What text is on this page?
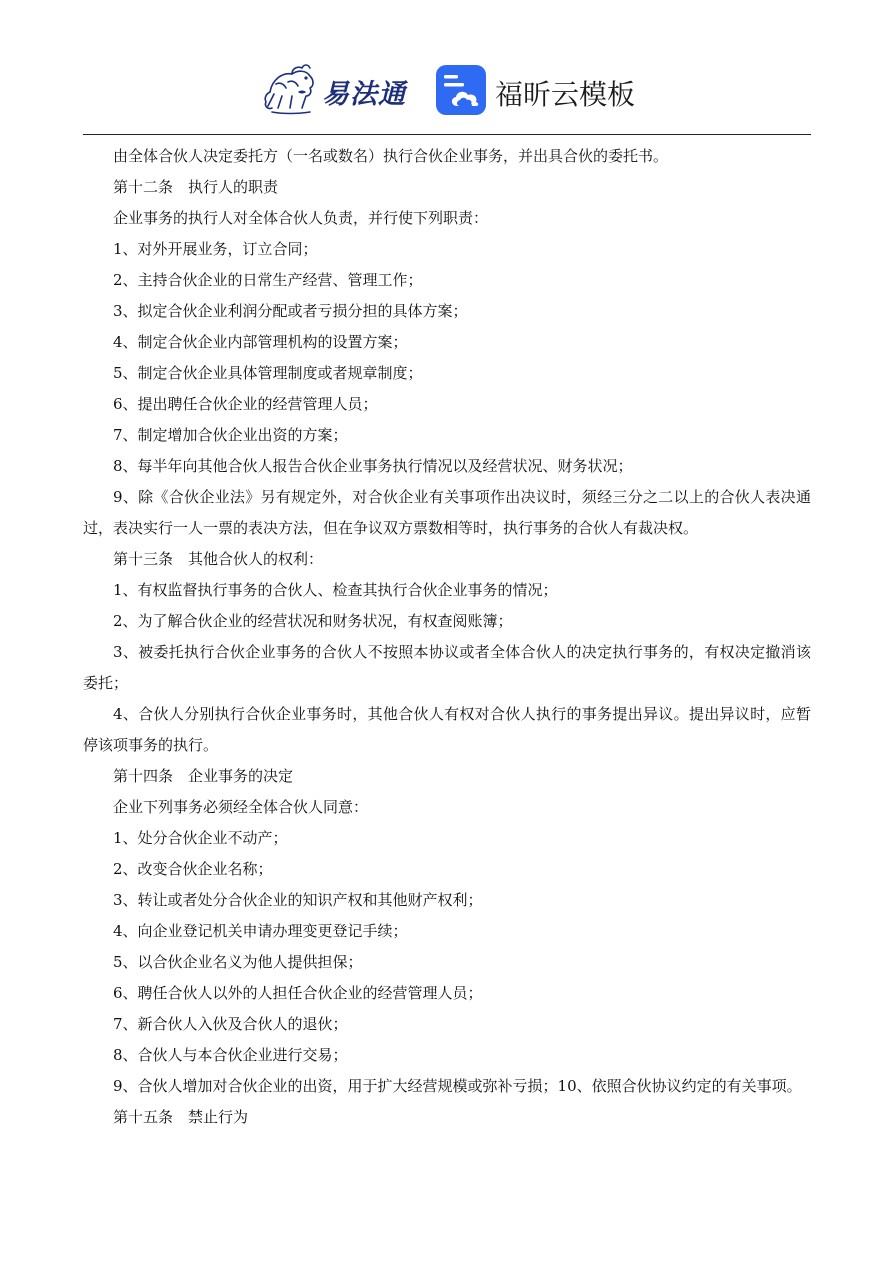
易法通	福昕云模板

由全体合伙人决定委托方（一名或数名）执行合伙企业事务，并出具合伙的委托书。

第十二条　执行人的职责

企业事务的执行人对全体合伙人负责，并行使下列职责：

1、对外开展业务，订立合同；

2、主持合伙企业的日常生产经营、管理工作；

3、拟定合伙企业利润分配或者亏损分担的具体方案；

4、制定合伙企业内部管理机构的设置方案；

5、制定合伙企业具体管理制度或者规章制度；

6、提出聘任合伙企业的经营管理人员；

7、制定增加合伙企业出资的方案；

8、每半年向其他合伙人报告合伙企业事务执行情况以及经营状况、财务状况；

9、除《合伙企业法》另有规定外，对合伙企业有关事项作出决议时，须经三分之二以上的合伙人表决通过，表决实行一人一票的表决方法，但在争议双方票数相等时，执行事务的合伙人有裁决权。

第十三条　其他合伙人的权利：

1、有权监督执行事务的合伙人、检查其执行合伙企业事务的情况；

2、为了解合伙企业的经营状况和财务状况，有权查阅账簿；

3、被委托执行合伙企业事务的合伙人不按照本协议或者全体合伙人的决定执行事务的，有权决定撤消该委托；

4、合伙人分别执行合伙企业事务时，其他合伙人有权对合伙人执行的事务提出异议。提出异议时，应暂停该项事务的执行。

第十四条　企业事务的决定

企业下列事务必须经全体合伙人同意：

1、处分合伙企业不动产；

2、改变合伙企业名称；

3、转让或者处分合伙企业的知识产权和其他财产权利；

4、向企业登记机关申请办理变更登记手续；

5、以合伙企业名义为他人提供担保；

6、聘任合伙人以外的人担任合伙企业的经营管理人员；

7、新合伙人入伙及合伙人的退伙；

8、合伙人与本合伙企业进行交易；

9、合伙人增加对合伙企业的出资，用于扩大经营规模或弥补亏损；10、依照合伙协议约定的有关事项。

第十五条　禁止行为
